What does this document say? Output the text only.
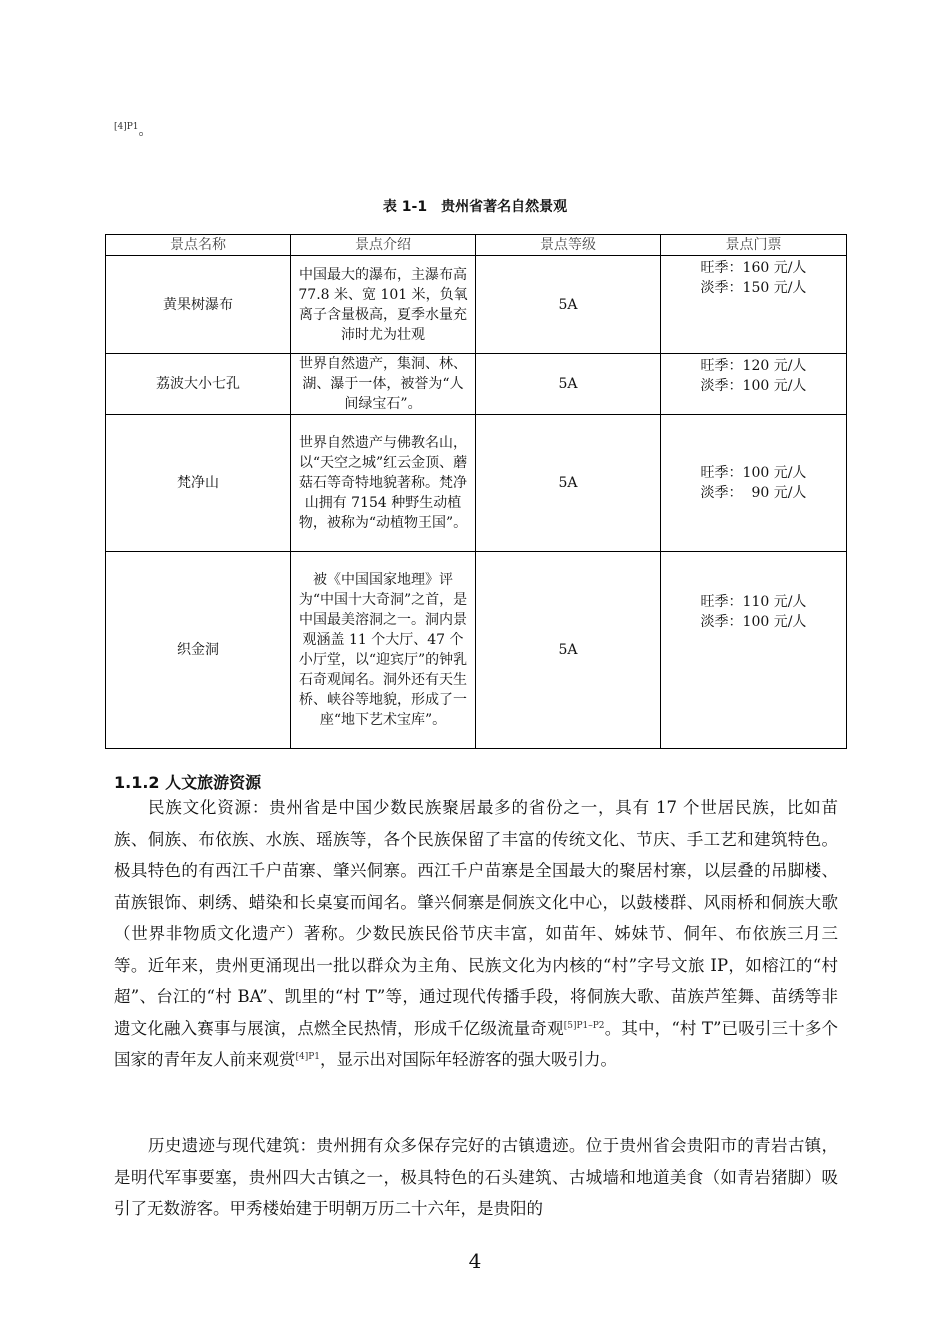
$^{[4]P1}$。
表 1-1 贵州省著名自然景观
景点名称	景点介绍	景点等级	景点门票
黄果树瀑布	中国最大的瀑布，主瀑布高 77.8 米、宽 101 米，负氧离子含量极高，夏季水量充沛时尤为壮观	5A	旺季：160 元/人
淡季：150 元/人

荔波大小七孔	世界自然遗产，集洞、林、湖、瀑于一体，被誉为“人间绿宝石”。	5A	旺季：120 元/人
淡季：100 元/人

梵净山	世界自然遗产与佛教名山，以“天空之城”红云金顶、蘑菇石等奇特地貌著称。梵净山拥有 7154 种野生动植物，被称为“动植物王国”。	5A	旺季：100 元/人
淡季：  90 元/人

织金洞	被《中国国家地理》评为“中国十大奇洞”之首，是中国最美溶洞之一。洞内景观涵盖 11 个大厅、47 个小厅堂，以“迎宾厅”的钟乳石奇观闻名。洞外还有天生桥、峡谷等地貌，形成了一座“地下艺术宝库”。	5A	旺季：110 元/人
淡季：100 元/人
1.1.2 人文旅游资源

民族文化资源：贵州省是中国少数民族聚居最多的省份之一，具有 17 个世居民族，比如苗族、侗族、布依族、水族、瑶族等，各个民族保留了丰富的传统文化、节庆、手工艺和建筑特色。极具特色的有西江千户苗寨、肇兴侗寨。西江千户苗寨是全国最大的聚居村寨，以层叠的吊脚楼、苗族银饰、刺绣、蜡染和长桌宴而闻名。肇兴侗寨是侗族文化中心，以鼓楼群、风雨桥和侗族大歌（世界非物质文化遗产）著称。少数民族民俗节庆丰富，如苗年、姊妹节、侗年、布依族三月三等。近年来，贵州更涌现出一批以群众为主角、民族文化为内核的“村”字号文旅 IP，如榕江的“村超”、台江的“村 BA”、凯里的“村 T”等，通过现代传播手段，将侗族大歌、苗族芦笙舞、苗绣等非遗文化融入赛事与展演，点燃全民热情，形成千亿级流量奇观$^{[5]P1-P2}$。其中，“村 T”已吸引三十多个国家的青年友人前来观赏$^{[4]P1}$，显示出对国际年轻游客的强大吸引力。

历史遗迹与现代建筑：贵州拥有众多保存完好的古镇遗迹。位于贵州省会贵阳市的青岩古镇，是明代军事要塞，贵州四大古镇之一，极具特色的石头建筑、古城墙和地道美食（如青岩猪脚）吸引了无数游客。甲秀楼始建于明朝万历二十六年，是贵阳的

4
